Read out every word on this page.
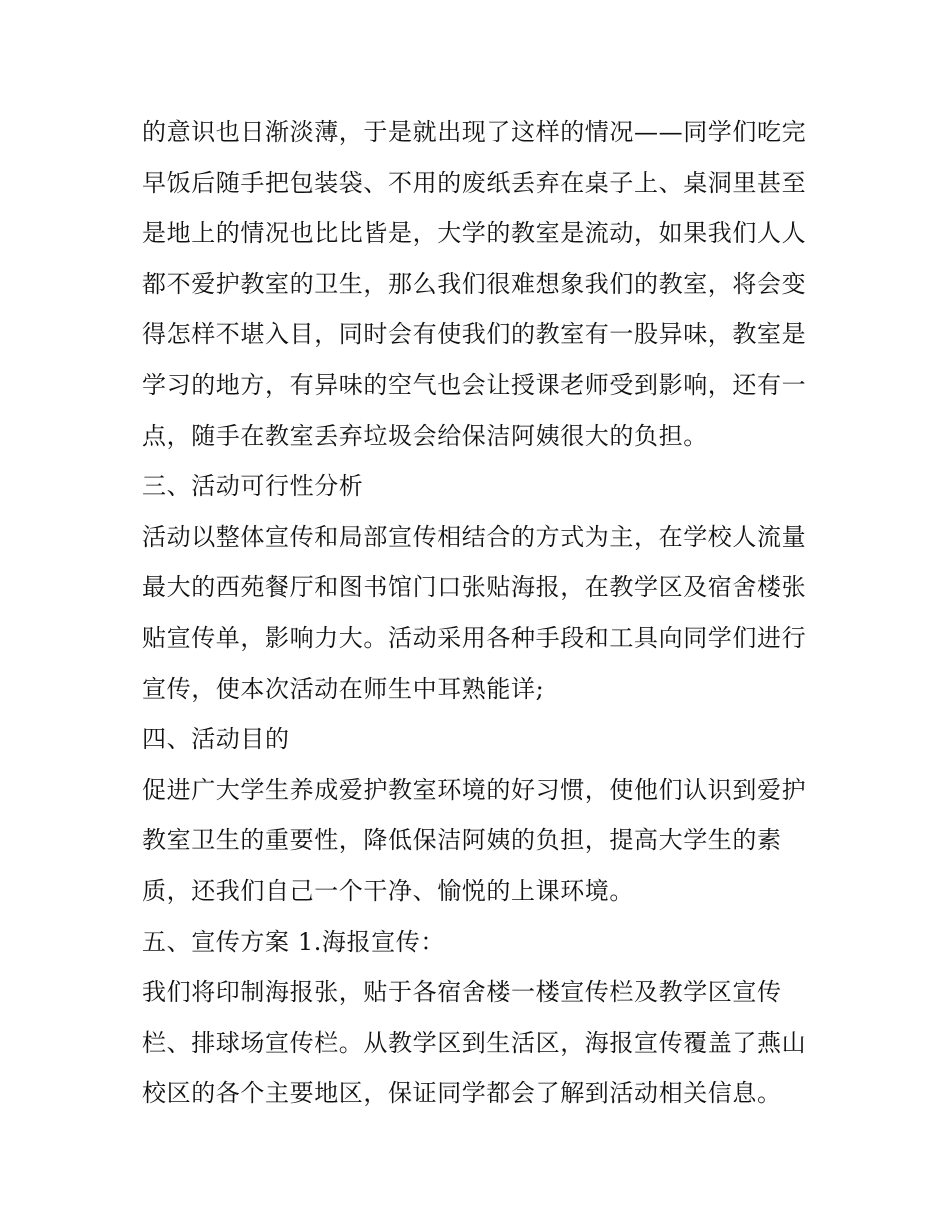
的意识也日渐淡薄，于是就出现了这样的情况——同学们吃完
早饭后随手把包装袋、不用的废纸丢弃在桌子上、桌洞里甚至
是地上的情况也比比皆是，大学的教室是流动，如果我们人人
都不爱护教室的卫生，那么我们很难想象我们的教室，将会变
得怎样不堪入目，同时会有使我们的教室有一股异味，教室是
学习的地方，有异味的空气也会让授课老师受到影响，还有一
点，随手在教室丢弃垃圾会给保洁阿姨很大的负担。
三、活动可行性分析
活动以整体宣传和局部宣传相结合的方式为主，在学校人流量
最大的西苑餐厅和图书馆门口张贴海报，在教学区及宿舍楼张
贴宣传单，影响力大。活动采用各种手段和工具向同学们进行
宣传，使本次活动在师生中耳熟能详;
四、活动目的
促进广大学生养成爱护教室环境的好习惯，使他们认识到爱护
教室卫生的重要性，降低保洁阿姨的负担，提高大学生的素
质，还我们自己一个干净、愉悦的上课环境。
五、宣传方案 1.海报宣传：
我们将印制海报张，贴于各宿舍楼一楼宣传栏及教学区宣传
栏、排球场宣传栏。从教学区到生活区，海报宣传覆盖了燕山
校区的各个主要地区，保证同学都会了解到活动相关信息。
